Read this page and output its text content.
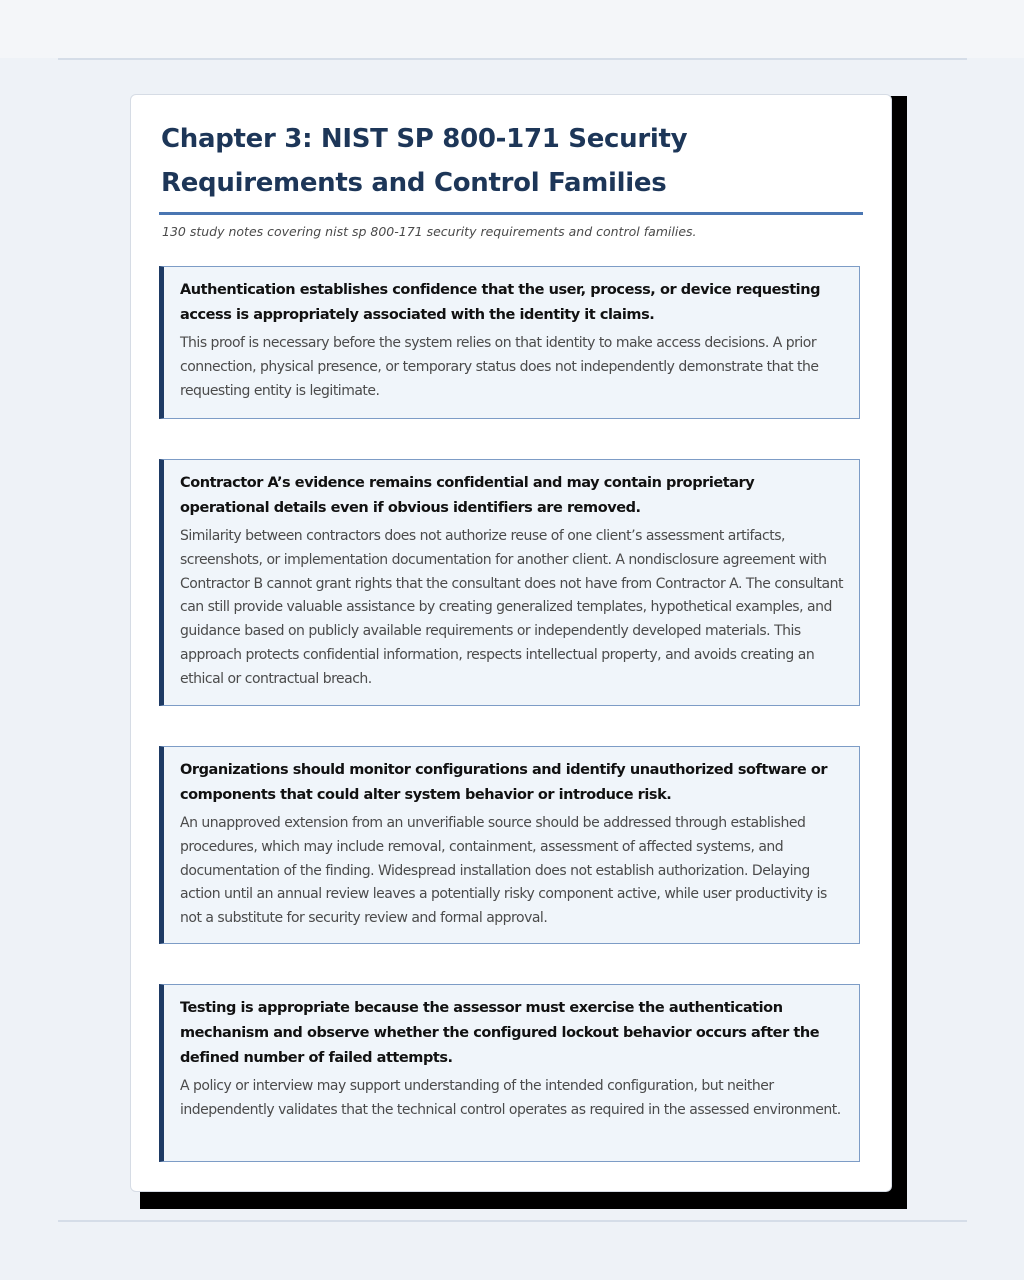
Chapter 3: NIST SP 800-171 Security Requirements and Control Families
130 study notes covering nist sp 800-171 security requirements and control families.

Authentication establishes confidence that the user, process, or device requesting access is appropriately associated with the identity it claims.

This proof is necessary before the system relies on that identity to make access decisions. A prior connection, physical presence, or temporary status does not independently demonstrate that the requesting entity is legitimate.

Contractor A’s evidence remains confidential and may contain proprietary operational details even if obvious identifiers are removed.

Similarity between contractors does not authorize reuse of one client’s assessment artifacts, screenshots, or implementation documentation for another client. A nondisclosure agreement with Contractor B cannot grant rights that the consultant does not have from Contractor A. The consultant can still provide valuable assistance by creating generalized templates, hypothetical examples, and guidance based on publicly available requirements or independently developed materials. This approach protects confidential information, respects intellectual property, and avoids creating an ethical or contractual breach.

Organizations should monitor configurations and identify unauthorized software or components that could alter system behavior or introduce risk.

An unapproved extension from an unverifiable source should be addressed through established procedures, which may include removal, containment, assessment of affected systems, and documentation of the finding. Widespread installation does not establish authorization. Delaying action until an annual review leaves a potentially risky component active, while user productivity is not a substitute for security review and formal approval.

Testing is appropriate because the assessor must exercise the authentication mechanism and observe whether the configured lockout behavior occurs after the defined number of failed attempts.

A policy or interview may support understanding of the intended configuration, but neither independently validates that the technical control operates as required in the assessed environment.
